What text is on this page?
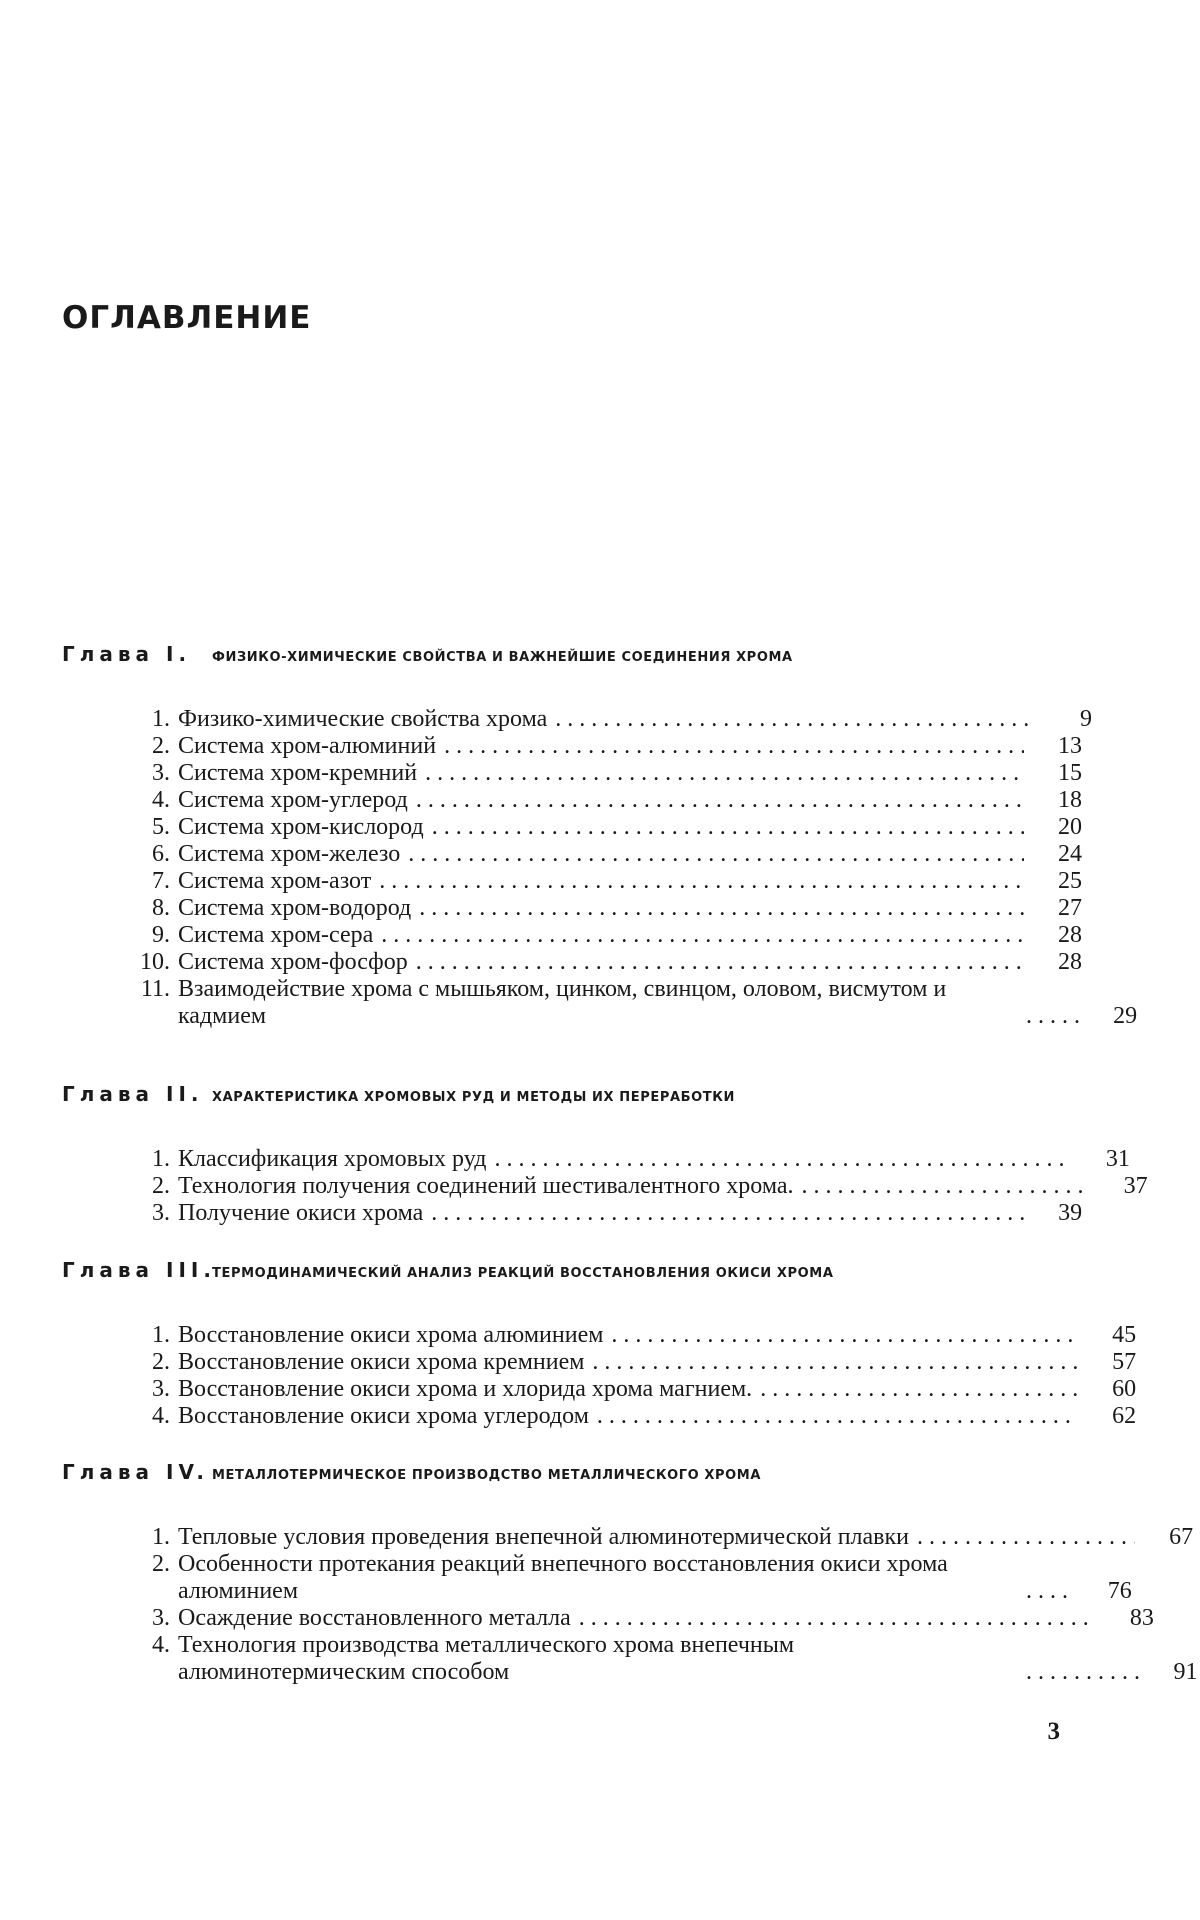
ОГЛАВЛЕНИЕ
Глава I.	ФИЗИКО-ХИМИЧЕСКИЕ СВОЙСТВА И ВАЖНЕЙШИЕ СОЕДИНЕНИЯ ХРОМА
1. Физико-химические свойства хрома . . .	9
2. Система хром-алюминий . . .	13
3. Система хром-кремний . . .	15
4. Система хром-углерод . . .	18
5. Система хром-кислород . . .	20
6. Система хром-железо . . .	24
7. Система хром-азот . . .	25
8. Система хром-водород . . .	27
9. Система хром-сера . . .	28
10. Система хром-фосфор . . .	28
11. Взаимодействие хрома с мышьяком, цинком, свинцом, оловом, висмутом и кадмием . . .	29
Глава II. ХАРАКТЕРИСТИКА ХРОМОВЫХ РУД И МЕТОДЫ ИХ ПЕРЕРАБОТКИ
1. Классификация хромовых руд . . .	31
2. Технология получения соединений шестивалентного хрома. . . .	37
3. Получение окиси хрома . . .	39
Глава III.
ТЕРМОДИНАМИЧЕСКИЙ АНАЛИЗ РЕАКЦИЙ ВОССТАНОВЛЕНИЯ ОКИСИ ХРОМА
1. Восстановление окиси хрома алюминием . . .	45
2. Восстановление окиси хрома кремнием . . .	57
3. Восстановление окиси хрома и хлорида хрома магнием. . . .	60
4. Восстановление окиси хрома углеродом . . .	62
Глава IV. МЕТАЛЛОТЕРМИЧЕСКОЕ ПРОИЗВОДСТВО МЕТАЛЛИЧЕСКОГО ХРОМА
1. Тепловые условия проведения внепечной алюминотермической плавки . . .	67
2. Особенности протекания реакций внепечного восстановления окиси хрома алюминием . . .	76
3. Осаждение восстановленного металла . . .	83
4. Технология производства металлического хрома внепечным алюминотермическим способом . . .	91
3
